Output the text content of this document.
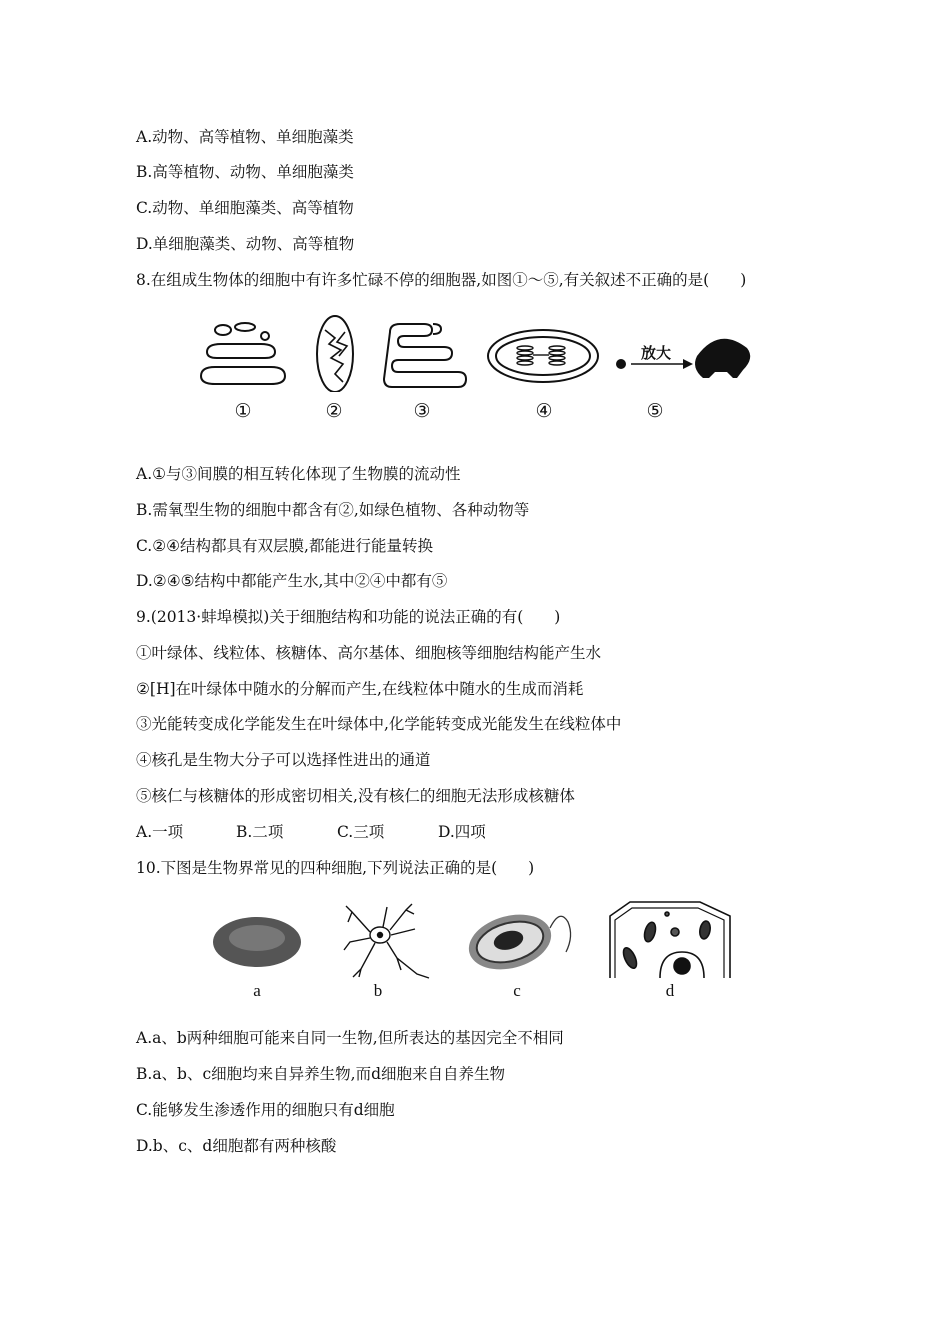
A.动物、高等植物、单细胞藻类
B.高等植物、动物、单细胞藻类
C.动物、单细胞藻类、高等植物
D.单细胞藻类、动物、高等植物
8.在组成生物体的细胞中有许多忙碌不停的细胞器,如图①～⑤,有关叙述不正确的是(　　)
放大
①	②	③	④	⑤
A.①与③间膜的相互转化体现了生物膜的流动性
B.需氧型生物的细胞中都含有②,如绿色植物、各种动物等
C.②④结构都具有双层膜,都能进行能量转换
D.②④⑤结构中都能产生水,其中②④中都有⑤
9.(2013·蚌埠模拟)关于细胞结构和功能的说法正确的有(　　)
①叶绿体、线粒体、核糖体、高尔基体、细胞核等细胞结构能产生水
②[H]在叶绿体中随水的分解而产生,在线粒体中随水的生成而消耗
③光能转变成化学能发生在叶绿体中,化学能转变成光能发生在线粒体中
④核孔是生物大分子可以选择性进出的通道
⑤核仁与核糖体的形成密切相关,没有核仁的细胞无法形成核糖体
A.一项	B.二项	C.三项	D.四项
10.下图是生物界常见的四种细胞,下列说法正确的是(　　)
a	b	c	d
A.a、b两种细胞可能来自同一生物,但所表达的基因完全不相同
B.a、b、c细胞均来自异养生物,而d细胞来自自养生物
C.能够发生渗透作用的细胞只有d细胞
D.b、c、d细胞都有两种核酸
